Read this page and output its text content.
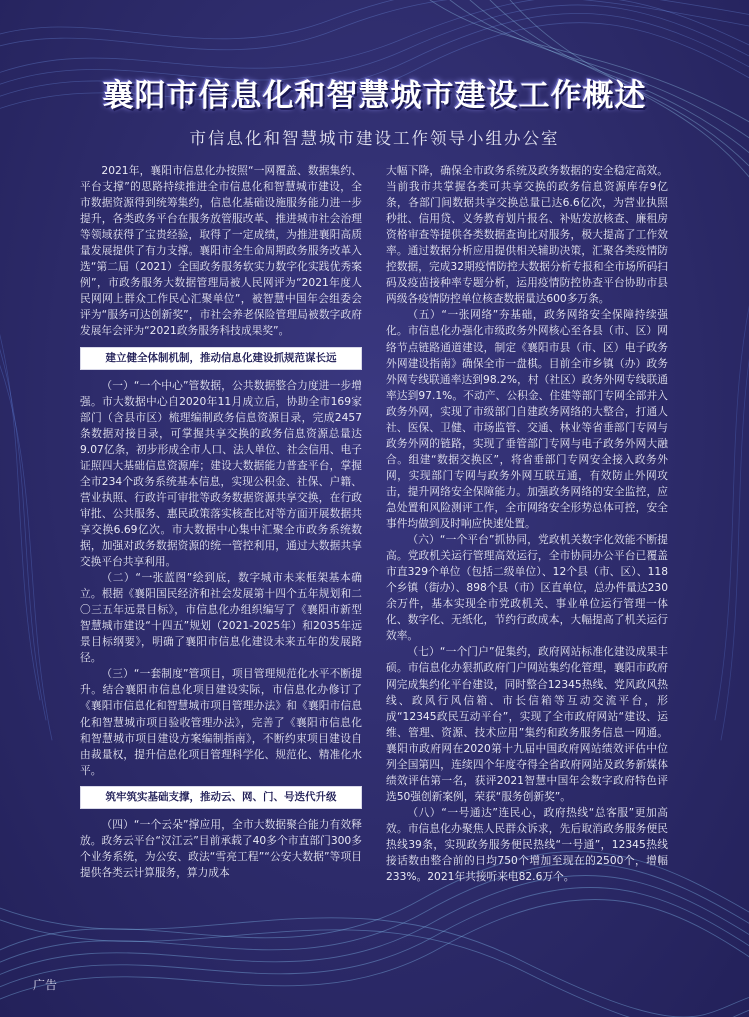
襄阳市信息化和智慧城市建设工作概述
市信息化和智慧城市建设工作领导小组办公室

2021年，襄阳市信息化办按照“一网覆盖、数据集约、平台支撑”的思路持续推进全市信息化和智慧城市建设，全市数据资源得到统筹集约，信息化基础设施服务能力进一步提升，各类政务平台在服务放管服改革、推进城市社会治理等领域获得了宝贵经验，取得了一定成绩，为推进襄阳高质量发展提供了有力支撑。襄阳市全生命周期政务服务改革入选“第二届（2021）全国政务服务软实力数字化实践优秀案例”，市政务服务大数据管理局被人民网评为“2021年度人民网网上群众工作民心汇聚单位”，被智慧中国年会组委会评为“服务可达创新奖”，市社会养老保险管理局被数字政府发展年会评为“2021政务服务科技成果奖”。

建立健全体制机制，推动信息化建设抓规范谋长远

（一）“一个中心”管数据，公共数据整合力度进一步增强。市大数据中心自2020年11月成立后，协助全市169家部门（含县市区）梳理编制政务信息资源目录，完成2457条数据对接目录，可掌握共享交换的政务信息资源总量达9.07亿条，初步形成全市人口、法人单位、社会信用、电子证照四大基础信息资源库；建设大数据能力普查平台，掌握全市234个政务系统基本信息，实现公积金、社保、户籍、营业执照、行政许可审批等政务数据资源共享交换，在行政审批、公共服务、惠民政策落实核查比对等方面开展数据共享交换6.69亿次。市大数据中心集中汇聚全市政务系统数据，加强对政务数据资源的统一管控利用，通过大数据共享交换平台共享利用。

（二）“一张蓝图”绘到底，数字城市未来框架基本确立。根据《襄阳国民经济和社会发展第十四个五年规划和二〇三五年远景目标》，市信息化办组织编写了《襄阳市新型智慧城市建设“十四五”规划（2021-2025年）和2035年远景目标纲要》，明确了襄阳市信息化建设未来五年的发展路径。

（三）“一套制度”管项目，项目管理规范化水平不断提升。结合襄阳市信息化项目建设实际，市信息化办修订了《襄阳市信息化和智慧城市项目管理办法》和《襄阳市信息化和智慧城市项目验收管理办法》，完善了《襄阳市信息化和智慧城市项目建设方案编制指南》，不断约束项目建设自由裁量权，提升信息化项目管理科学化、规范化、精准化水平。

筑牢筑实基础支撑，推动云、网、门、号迭代升级

（四）“一个云朵”撑应用，全市大数据聚合能力有效释放。政务云平台“汉江云”目前承载了40多个市直部门300多个业务系统，为公安、政法“雪亮工程”“公安大数据”等项目提供各类云计算服务，算力成本

大幅下降，确保全市政务系统及政务数据的安全稳定高效。当前我市共掌握各类可共享交换的政务信息资源库存9亿条，各部门间数据共享交换总量已达6.6亿次，为营业执照秒批、信用贷、义务教育划片报名、补贴发放核查、廉租房资格审查等提供各类数据查询比对服务，极大提高了工作效率。通过数据分析应用提供相关辅助决策，汇聚各类疫情防控数据，完成32期疫情防控大数据分析专报和全市场所码扫码及疫苗接种率专题分析，运用疫情防控协查平台协助市县两级各疫情防控单位核查数据量达600多万条。

（五）“一张网络”夯基础，政务网络安全保障持续强化。市信息化办强化市级政务外网核心至各县（市、区）网络节点链路通道建设，制定《襄阳市县（市、区）电子政务外网建设指南》确保全市一盘棋。目前全市乡镇（办）政务外网专线联通率达到98.2%，村（社区）政务外网专线联通率达到97.1%。不动产、公积金、住建等部门专网全部并入政务外网，实现了市级部门自建政务网络的大整合，打通人社、医保、卫健、市场监管、交通、林业等省垂部门专网与政务外网的链路，实现了垂管部门专网与电子政务外网大融合。组建“数据交换区”，将省垂部门专网安全接入政务外网，实现部门专网与政务外网互联互通，有效防止外网攻击，提升网络安全保障能力。加强政务网络的安全监控，应急处置和风险测评工作，全市网络安全形势总体可控，安全事件均做到及时响应快速处置。

（六）“一个平台”抓协同，党政机关数字化效能不断提高。党政机关运行管理高效运行，全市协同办公平台已覆盖市直329个单位（包括二级单位）、12个县（市、区）、118个乡镇（街办）、898个县（市）区直单位，总办件量达230余万件，基本实现全市党政机关、事业单位运行管理一体化、数字化、无纸化，节约行政成本，大幅提高了机关运行效率。

（七）“一个门户”促集约，政府网站标准化建设成果丰硕。市信息化办狠抓政府门户网站集约化管理，襄阳市政府网完成集约化平台建设，同时整合12345热线、党风政风热线、政风行风信箱、市长信箱等互动交流平台，形成“12345政民互动平台”，实现了全市政府网站“建设、运维、管理、资源、技术应用”集约和政务服务信息一网通。襄阳市政府网在2020第十九届中国政府网站绩效评估中位列全国第四，连续四个年度夺得全省政府网站及政务新媒体绩效评估第一名，获评2021智慧中国年会数字政府特色评选50强创新案例，荣获“服务创新奖”。

（八）“一号通达”连民心，政府热线“总客服”更加高效。市信息化办聚焦人民群众诉求，先后取消政务服务便民热线39条，实现政务服务便民热线“一号通”，12345热线接话数由整合前的日均750个增加至现在的2500个，增幅233%。2021年共接听来电82.6万个。

广告
